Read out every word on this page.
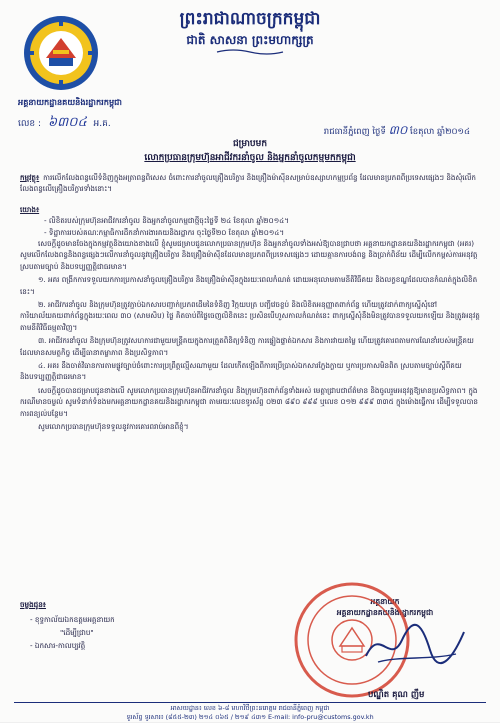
ព្រះរាជាណាចក្រកម្ពុជា
ជាតិ សាសនា ព្រះមហាក្សត្រ
អគ្គនាយកដ្ឋានគយនិងរដ្ឋាករកម្ពុជា
លេខ : ៦៣០៤ អ.គ.
រាជធានីភ្នំពេញ ថ្ងៃទី ៣០ ខែតុលា ឆ្នាំ២០១៤
ជម្រាបមក
លោកប្រធានក្រុមហ៊ុនអាជីវករនាំចូល និងអ្នកនាំចូលកម្មមកកម្ពុជា
កម្មវត្ថុ៖ ការលើកលែងពន្ធលើទំនិញក្នុងអត្រាពន្ធពិសេស ចំពោះការនាំចូលគ្រឿងបរិក្ខារ និងគ្រឿងម៉ាស៊ីនសម្រាប់ឧស្សាហកម្មប្រព័ន្ធ ដែលមានប្រភពពីប្រទេសផ្សេងៗ និងសុំលើកលែងពន្ធលើគ្រឿងបរិក្ខារទាំងនោះ។
យោង៖
- លិខិតរបស់ក្រុមហ៊ុនអាជីវករនាំចូល និងអ្នកនាំចូលកម្មជាថ្មីចុះថ្ងៃទី ២៤ ខែតុលា ឆ្នាំ២០១៤។
- ទិដ្ឋាការរបស់គណៈកម្មាធិការដឹកនាំការងារគយនិងរដ្ឋាករ ចុះថ្ងៃទី២០ ខែតុលា ឆ្នាំ២០១៤។

សេចក្តីដូចមានចែងក្នុងកម្មវត្ថុនិងយោងខាងលើ ខ្ញុំសូមជម្រាបជូនលោកប្រធានក្រុមហ៊ុន និងអ្នកនាំចូលទាំងអស់ឱ្យបានជ្រាបថា អគ្គនាយកដ្ឋានគយនិងរដ្ឋាករកម្ពុជា (អគរ) សូមលើកលែងពន្ធនិងពន្ធផ្សេងៗលើការនាំចូលនូវគ្រឿងបរិក្ខារ និងគ្រឿងម៉ាស៊ីនដែលមានប្រភពពីប្រទេសផ្សេងៗ ដោយគ្មានការបង់ពន្ធ និងប្រាក់ពិន័យ ដើម្បីលើកកម្ពស់ការអនុវត្តស្របតាមច្បាប់ និងបទប្បញ្ញត្តិជាធរមាន។

១. អគរ ពង្រីកការទទួលយកការប្រកាសនាំចូលគ្រឿងបរិក្ខារ និងគ្រឿងម៉ាស៊ីនក្នុងរយៈពេលកំណត់ ដោយអនុលោមតាមនីតិវិធីគយ និងលក្ខខណ្ឌដែលបានកំណត់ក្នុងលិខិតនេះ។

២. អាជីវករនាំចូល និងក្រុមហ៊ុនត្រូវភ្ជាប់ឯកសារបញ្ជាក់ប្រភពដើមនៃទំនិញ វិក្កយបត្រ បញ្ជីវេចខ្ចប់ និងលិខិតអនុញ្ញាតពាក់ព័ន្ធ ហើយត្រូវដាក់ពាក្យស្នើសុំនៅការិយាល័យគយពាក់ព័ន្ធក្នុងរយៈពេល ៣០ (សាមសិប) ថ្ងៃ គិតចាប់ពីថ្ងៃចេញលិខិតនេះ ប្រសិនបើហួសកាលកំណត់នេះ ពាក្យស្នើសុំនឹងមិនត្រូវបានទទួលយកឡើយ និងត្រូវអនុវត្តតាមនីតិវិធីធម្មតាវិញ។

៣. អាជីវករនាំចូល និងក្រុមហ៊ុនត្រូវសហការជាមួយមន្ត្រីគយក្នុងការត្រួតពិនិត្យទំនិញ ការផ្ទៀងផ្ទាត់ឯកសារ និងការវាយតម្លៃ ហើយត្រូវគោរពតាមការណែនាំរបស់មន្ត្រីគយដែលមានសមត្ថកិច្ច ដើម្បីធានាតម្លាភាព និងប្រសិទ្ធភាព។

៤. អគរ នឹងចាត់វិធានការតាមផ្លូវច្បាប់ចំពោះការប្រព្រឹត្តល្មើសណាមួយ ដែលកើតឡើងពីការប្រើប្រាស់ឯកសារក្លែងក្លាយ ឬការប្រកាសមិនពិត ស្របតាមច្បាប់ស្តីពីគយ និងបទប្បញ្ញត្តិជាធរមាន។

សេចក្តីដូចបានជម្រាបជូនខាងលើ សូមលោកប្រធានក្រុមហ៊ុនអាជីវករនាំចូល និងក្រុមហ៊ុនពាក់ព័ន្ធទាំងអស់ មេត្តាជ្រាបជាព័ត៌មាន និងចូលរួមអនុវត្តឱ្យមានប្រសិទ្ធភាព។ ក្នុងករណីមានចម្ងល់ សូមទំនាក់ទំនងមកអគ្គនាយកដ្ឋានគយនិងរដ្ឋាករកម្ពុជា តាមរយៈលេខទូរស័ព្ទ ០២៣ ៨៩០ ៩៩៩ ឬលេខ ០១២ ៩៩៩ ៣៣៥ ក្នុងម៉ោងធ្វើការ ដើម្បីទទួលបានការពន្យល់បន្ថែម។

សូមលោកប្រធានក្រុមហ៊ុនទទួលនូវការគោរពរាប់អានពីខ្ញុំ។

ចម្លងជូន៖
- ខុទ្ទកាល័យឯកឧត្តមអគ្គនាយក
"ដើម្បីជ្រាប"
- ឯកសារ-កាលប្បវត្តិ
អគ្គនាយក
អគ្គនាយកដ្ឋានគយនិងរដ្ឋាករកម្ពុជា
បណ្ឌិត គុណ ញឹម
អាសយដ្ឋាន៖ លេខ ៦-៨ មហាវិថីព្រះនរោត្តម រាជធានីភ្នំពេញ កម្ពុជា
ទូរស័ព្ទ ទូរសារ៖ (៨៥៥-២៣) ២១៤ ០៦៥ / ២១៩ ៤៣១ E-mail: info-pru@customs.gov.kh
